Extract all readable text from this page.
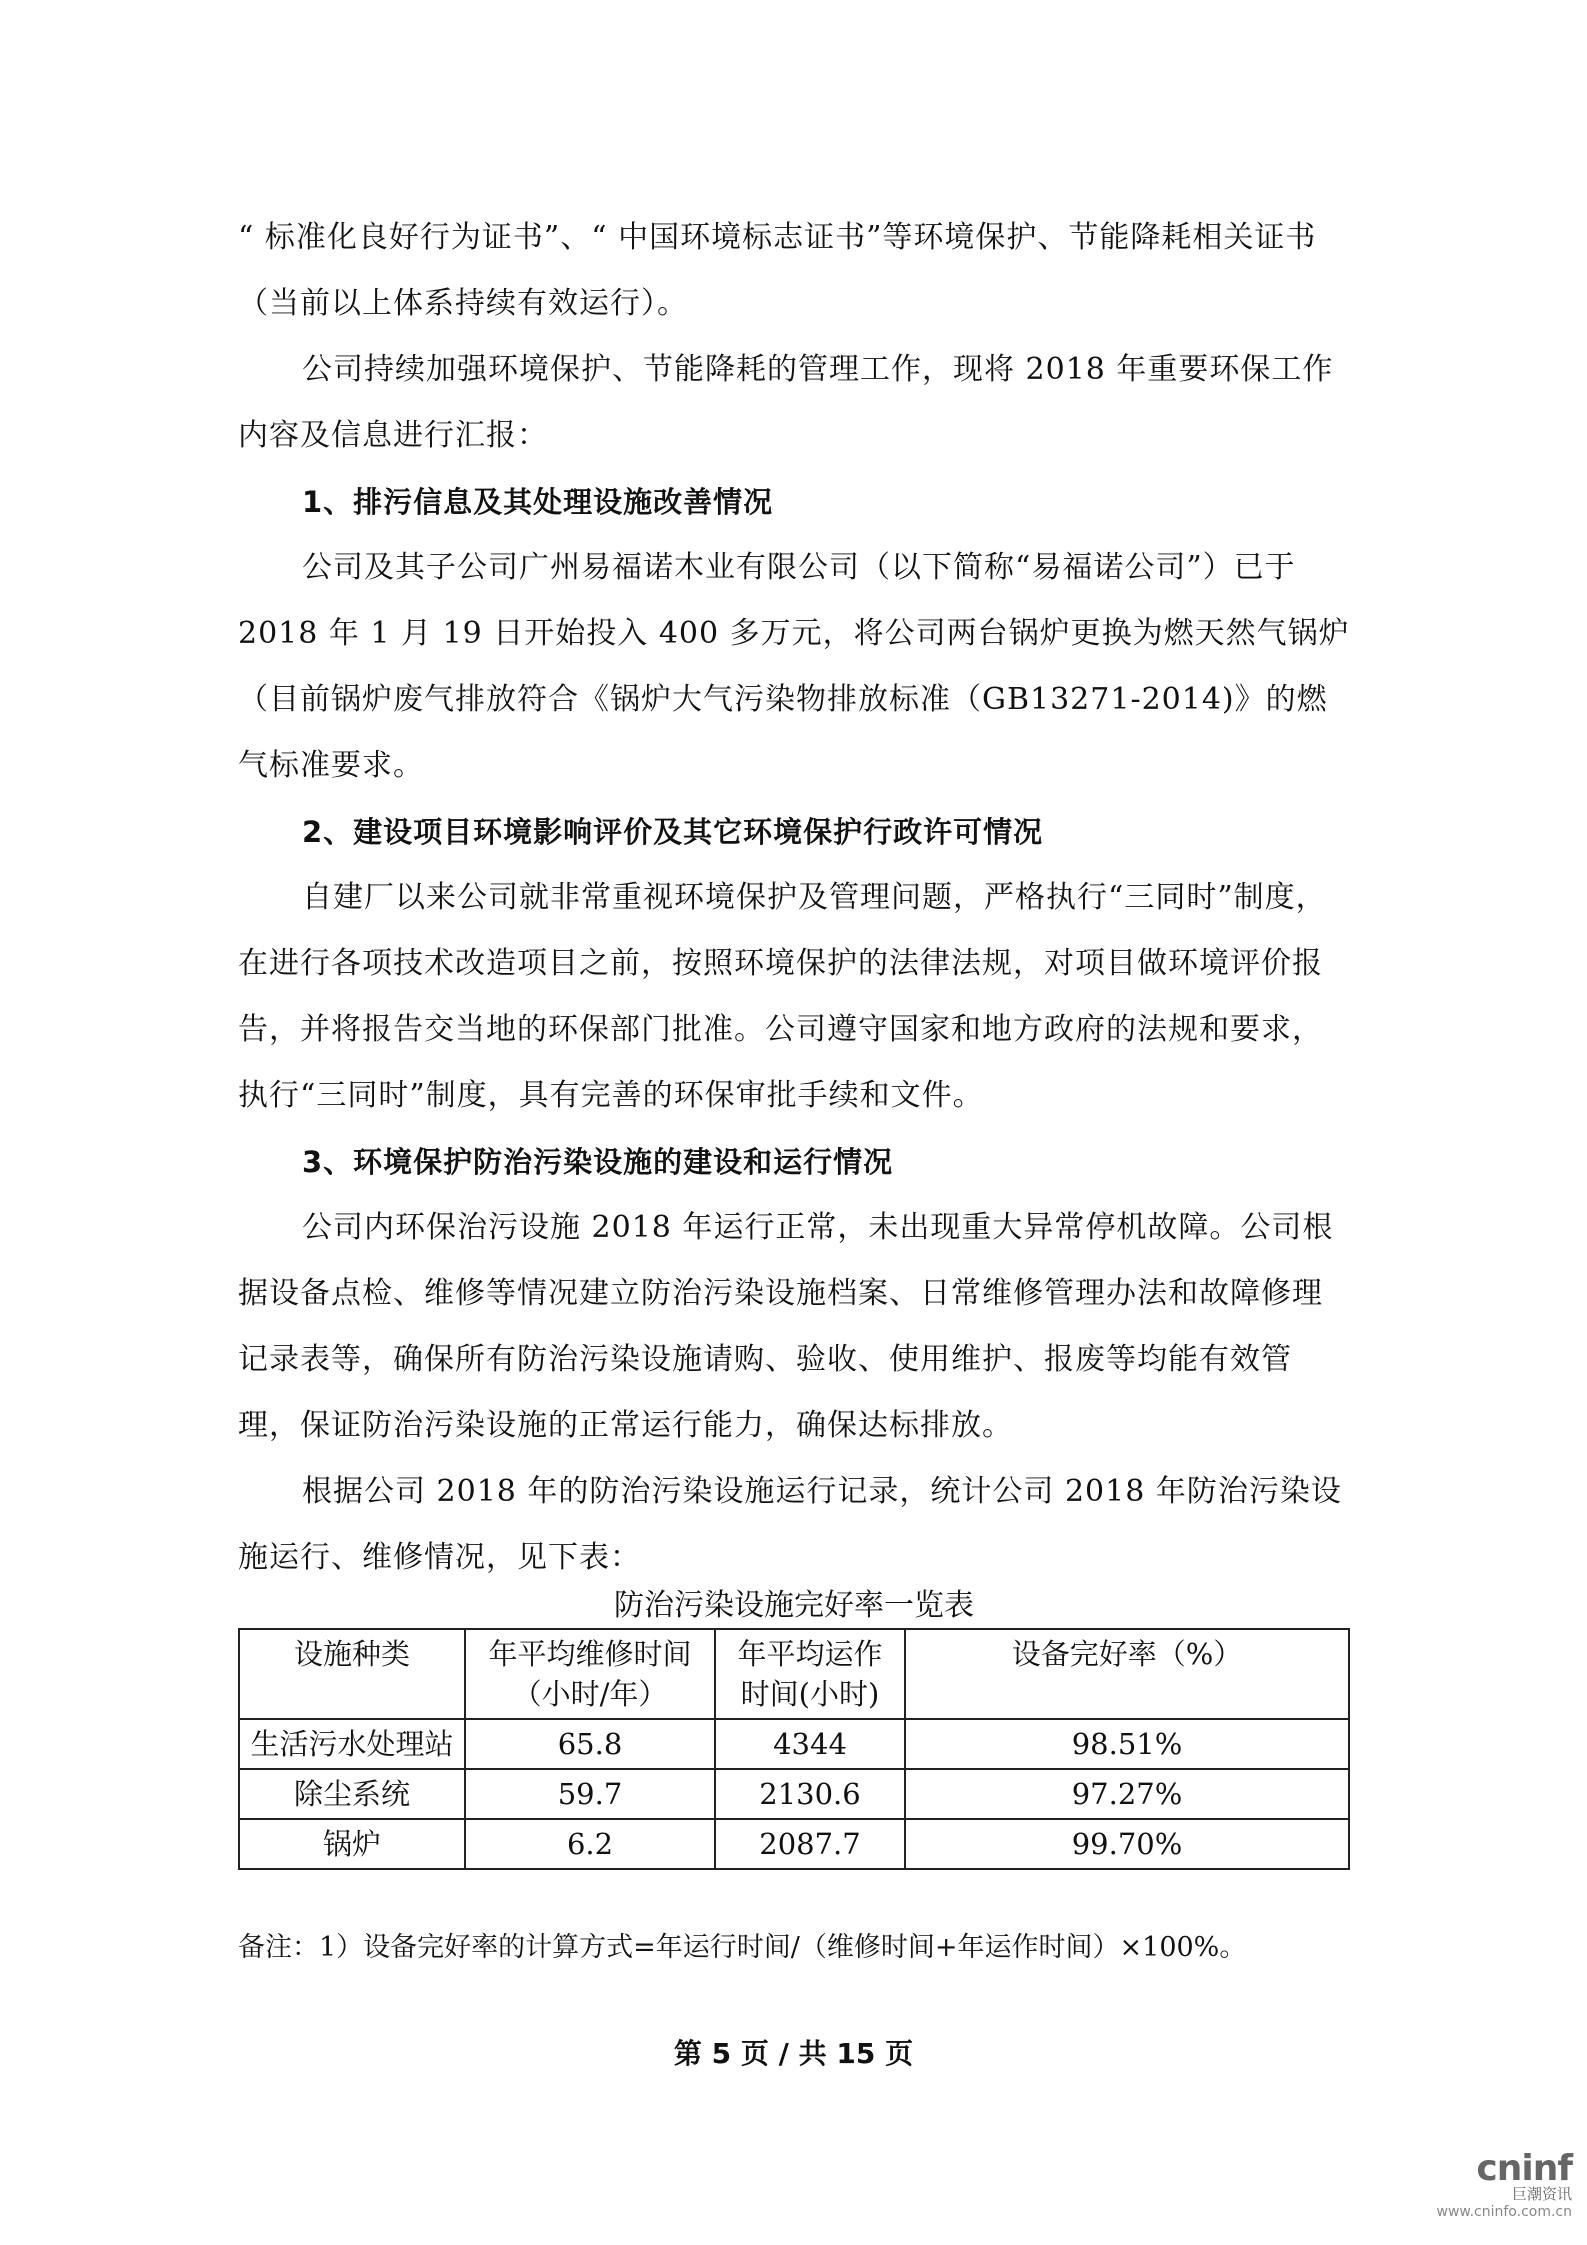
“ 标准化良好行为证书”、“ 中国环境标志证书”等环境保护、节能降耗相关证书（当前以上体系持续有效运行）。

公司持续加强环境保护、节能降耗的管理工作，现将 2018 年重要环保工作内容及信息进行汇报：

1、排污信息及其处理设施改善情况

公司及其子公司广州易福诺木业有限公司（以下简称“易福诺公司”）已于 2018 年 1 月 19 日开始投入 400 多万元，将公司两台锅炉更换为燃天然气锅炉（目前锅炉废气排放符合《锅炉大气污染物排放标准（GB13271-2014)》的燃气标准要求。

2、建设项目环境影响评价及其它环境保护行政许可情况

自建厂以来公司就非常重视环境保护及管理问题，严格执行“三同时”制度，在进行各项技术改造项目之前，按照环境保护的法律法规，对项目做环境评价报告，并将报告交当地的环保部门批准。公司遵守国家和地方政府的法规和要求，执行“三同时”制度，具有完善的环保审批手续和文件。

3、环境保护防治污染设施的建设和运行情况

公司内环保治污设施 2018 年运行正常，未出现重大异常停机故障。公司根据设备点检、维修等情况建立防治污染设施档案、日常维修管理办法和故障修理记录表等，确保所有防治污染设施请购、验收、使用维护、报废等均能有效管理，保证防治污染设施的正常运行能力，确保达标排放。

根据公司 2018 年的防治污染设施运行记录，统计公司 2018 年防治污染设施运行、维修情况，见下表：

防治污染设施完好率一览表
设施种类	年平均维修时间（小时/年）	年平均运作时间(小时)	设备完好率（%）
生活污水处理站	65.8	4344	98.51%
除尘系统	59.7	2130.6	97.27%
锅炉	6.2	2087.7	99.70%
备注：1）设备完好率的计算方式=年运行时间/（维修时间+年运作时间）×100%。
第 5 页 / 共 15 页
cninf
巨潮资讯
www.cninfo.com.cn
